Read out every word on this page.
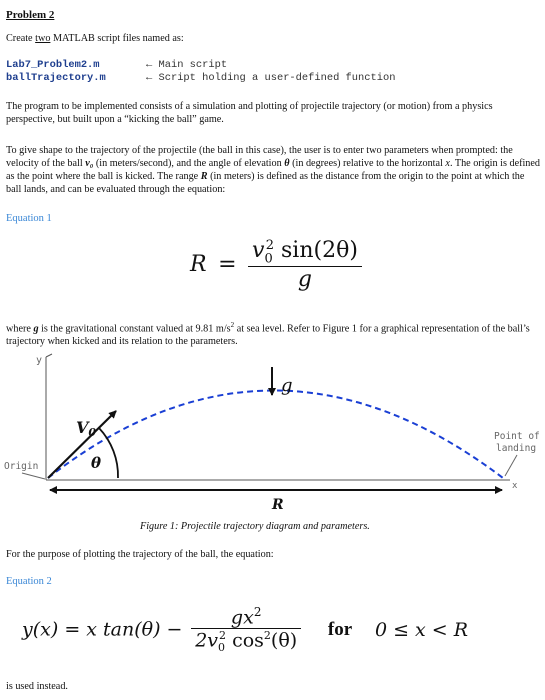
Problem 2
Create two MATLAB script files named as:
Lab7_Problem2.m
ballTrajectory.m
← Main script
← Script holding a user-defined function
The program to be implemented consists of a simulation and plotting of projectile trajectory (or motion) from a physics perspective, but built upon a “kicking the ball” game.
To give shape to the trajectory of the projectile (the ball in this case), the user is to enter two parameters when prompted: the velocity of the ball v₀ (in meters/second), and the angle of elevation θ (in degrees) relative to the horizontal x. The origin is defined as the point where the ball is kicked. The range R (in meters) is defined as the distance from the origin to the point at which the ball lands, and can be evaluated through the equation:
Equation 1
$R = \frac{v_0^2 \sin(2\theta)}{g}$
where g is the gravitational constant valued at 9.81 $m/s^2$ at sea level. Refer to Figure 1 for a graphical representation of the ball’s trajectory when kicked and its relation to the parameters.
y
x
V0
θ
g
Origin
Point of
landing
R
Figure 1: Projectile trajectory diagram and parameters.
For the purpose of plotting the trajectory of the ball, the equation:
Equation 2
y(x) = x $\tan(\theta) - \frac{gx^2}{2v_0^2 \cos^2(\theta)}$ for 0 ≤ x < R
is used instead.
